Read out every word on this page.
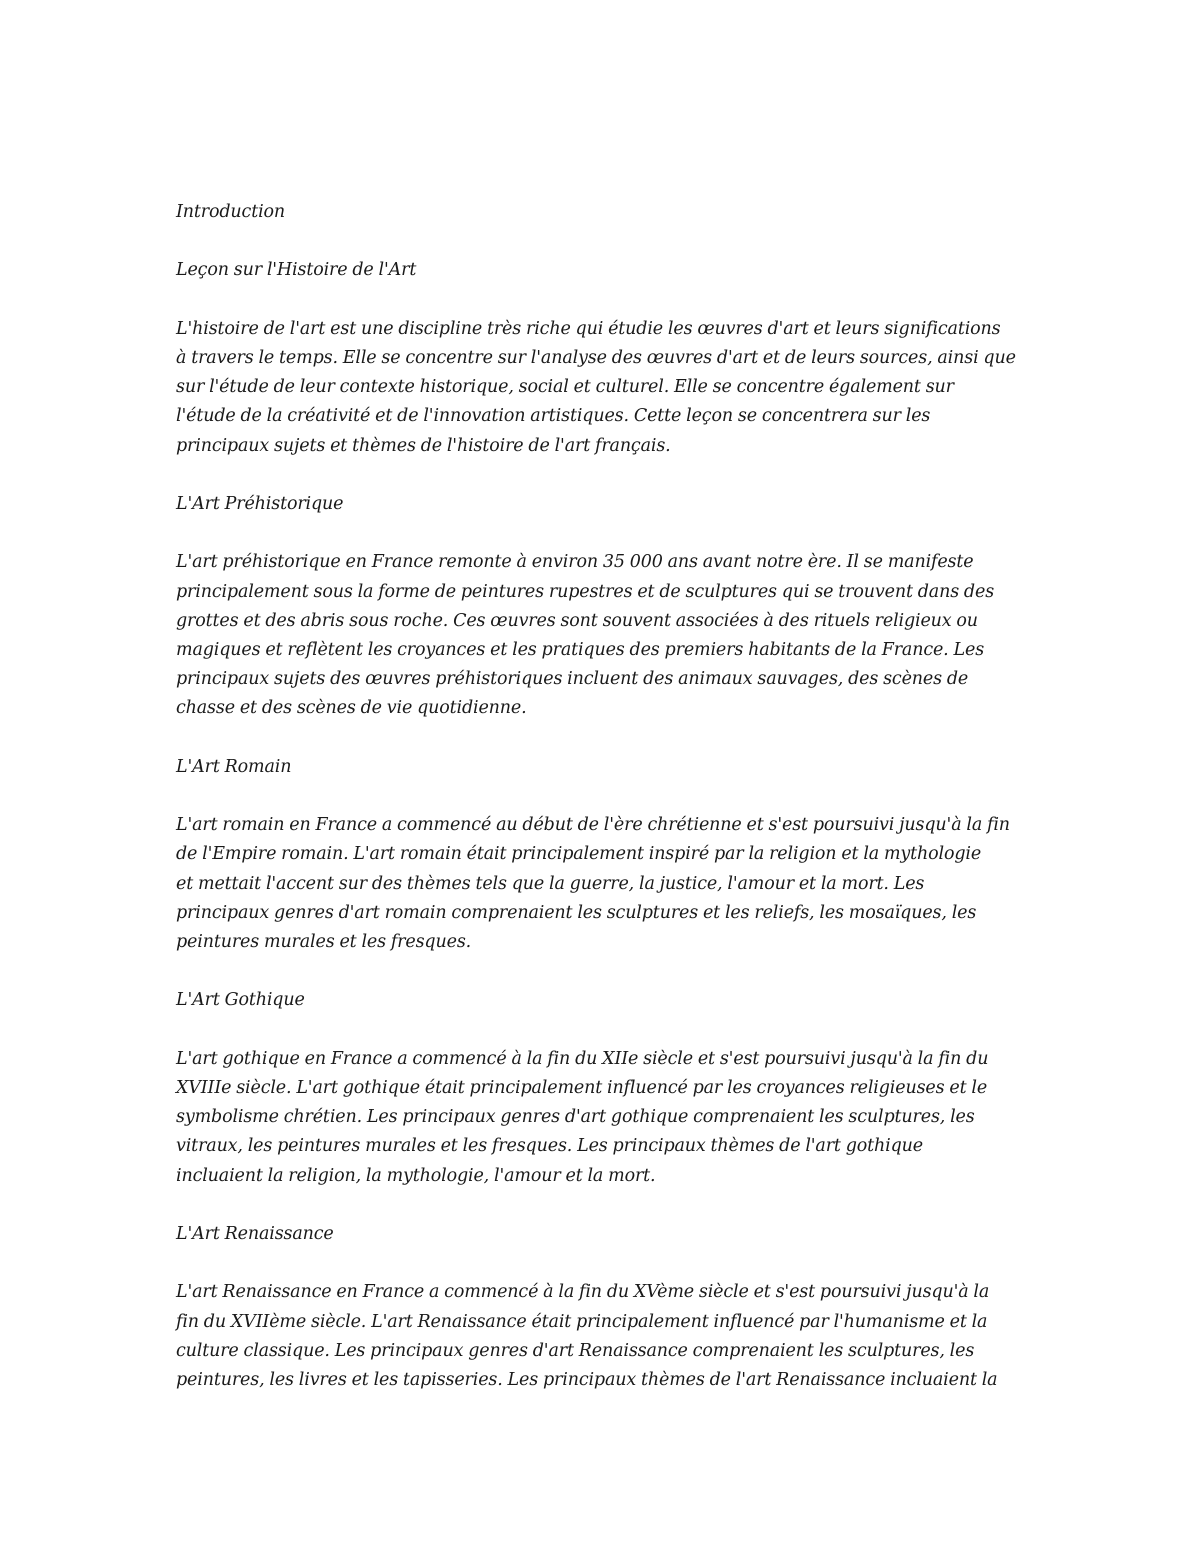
Introduction

Leçon sur l'Histoire de l'Art

L'histoire de l'art est une discipline très riche qui étudie les œuvres d'art et leurs significations
à travers le temps. Elle se concentre sur l'analyse des œuvres d'art et de leurs sources, ainsi que
sur l'étude de leur contexte historique, social et culturel. Elle se concentre également sur
l'étude de la créativité et de l'innovation artistiques. Cette leçon se concentrera sur les
principaux sujets et thèmes de l'histoire de l'art français.

L'Art Préhistorique

L'art préhistorique en France remonte à environ 35 000 ans avant notre ère. Il se manifeste
principalement sous la forme de peintures rupestres et de sculptures qui se trouvent dans des
grottes et des abris sous roche. Ces œuvres sont souvent associées à des rituels religieux ou
magiques et reflètent les croyances et les pratiques des premiers habitants de la France. Les
principaux sujets des œuvres préhistoriques incluent des animaux sauvages, des scènes de
chasse et des scènes de vie quotidienne.

L'Art Romain

L'art romain en France a commencé au début de l'ère chrétienne et s'est poursuivi jusqu'à la fin
de l'Empire romain. L'art romain était principalement inspiré par la religion et la mythologie
et mettait l'accent sur des thèmes tels que la guerre, la justice, l'amour et la mort. Les
principaux genres d'art romain comprenaient les sculptures et les reliefs, les mosaïques, les
peintures murales et les fresques.

L'Art Gothique

L'art gothique en France a commencé à la fin du XIIe siècle et s'est poursuivi jusqu'à la fin du
XVIIIe siècle. L'art gothique était principalement influencé par les croyances religieuses et le
symbolisme chrétien. Les principaux genres d'art gothique comprenaient les sculptures, les
vitraux, les peintures murales et les fresques. Les principaux thèmes de l'art gothique
incluaient la religion, la mythologie, l'amour et la mort.

L'Art Renaissance

L'art Renaissance en France a commencé à la fin du XVème siècle et s'est poursuivi jusqu'à la
fin du XVIIème siècle. L'art Renaissance était principalement influencé par l'humanisme et la
culture classique. Les principaux genres d'art Renaissance comprenaient les sculptures, les
peintures, les livres et les tapisseries. Les principaux thèmes de l'art Renaissance incluaient la
